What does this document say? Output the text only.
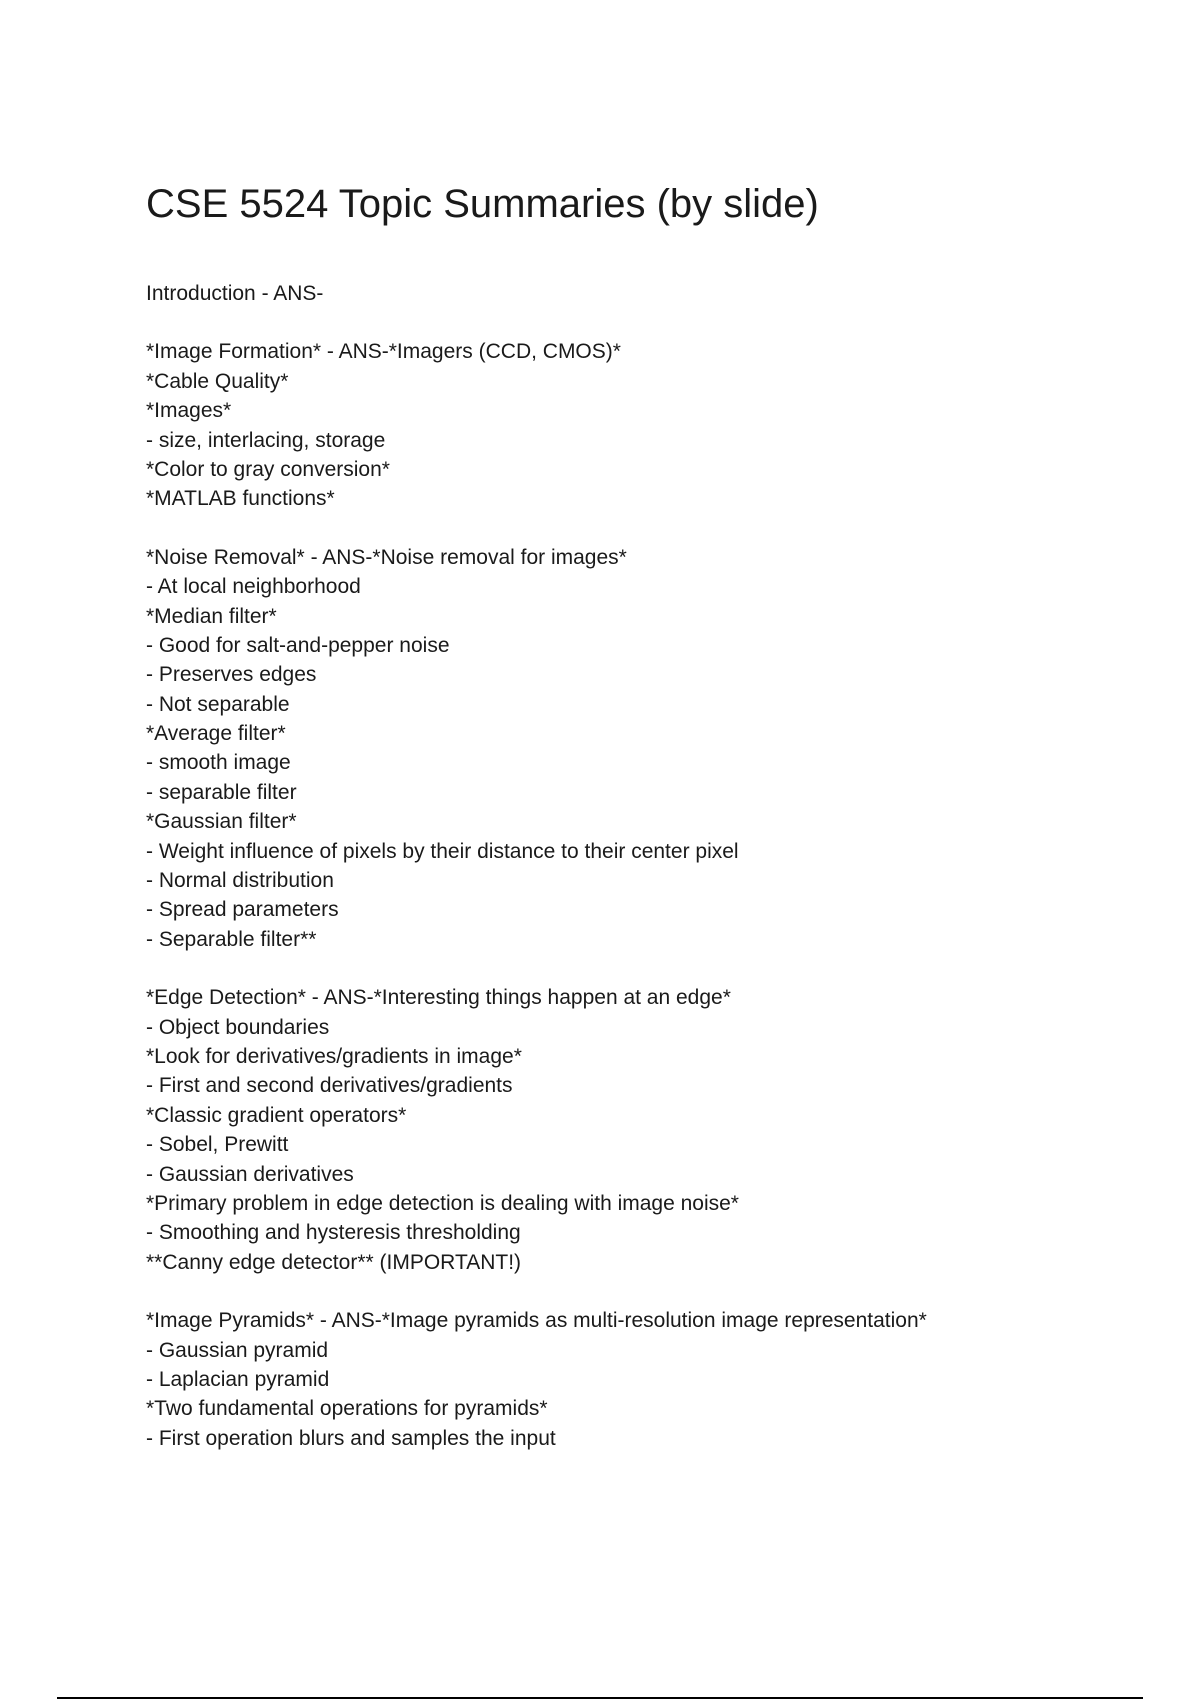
CSE 5524 Topic Summaries (by slide)
Introduction - ANS-
*Image Formation* - ANS-*Imagers (CCD, CMOS)*
*Cable Quality*
*Images*
- size, interlacing, storage
*Color to gray conversion*
*MATLAB functions*
*Noise Removal* - ANS-*Noise removal for images*
- At local neighborhood
*Median filter*
- Good for salt-and-pepper noise
- Preserves edges
- Not separable
*Average filter*
- smooth image
- separable filter
*Gaussian filter*
- Weight influence of pixels by their distance to their center pixel
- Normal distribution
- Spread parameters
- Separable filter**
*Edge Detection* - ANS-*Interesting things happen at an edge*
- Object boundaries
*Look for derivatives/gradients in image*
- First and second derivatives/gradients
*Classic gradient operators*
- Sobel, Prewitt
- Gaussian derivatives
*Primary problem in edge detection is dealing with image noise*
- Smoothing and hysteresis thresholding
**Canny edge detector** (IMPORTANT!)
*Image Pyramids* - ANS-*Image pyramids as multi-resolution image representation*
- Gaussian pyramid
- Laplacian pyramid
*Two fundamental operations for pyramids*
- First operation blurs and samples the input
